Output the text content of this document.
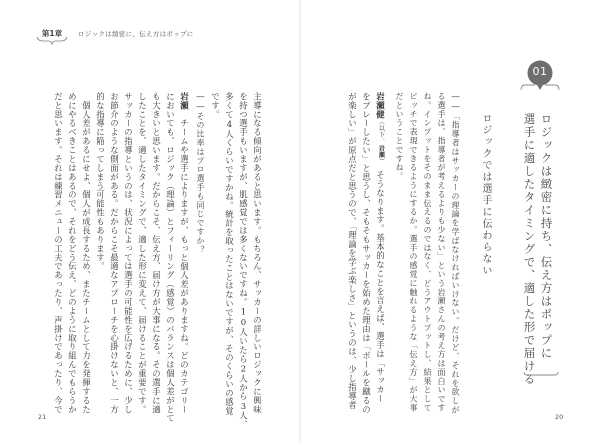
第1章	ロジックは緻密に、伝え方はポップに
01
ロジックは緻密に持ち、伝え方はポップに
選手に適したタイミングで、適した形で届ける
ロジックでは選手に伝わらない
――「指導者はサッカーの理論を学ばなければいけない。だけど、それを欲しが
る選手は、指導者が考えるよりも少ない」という岩瀬さんの考え方は面白いです
ね。インプットをそのまま伝えるのではなく、どうアウトプットし、結果として
ピッチで表現できるようにするか。選手の感覚に触れるような「伝え方」が大事
だということですね。
岩瀬健（以下、岩瀬）　そうなります。基本的なことを言えば、選手は「サッカー
をプレーしたい」と思うし、そもそもサッカーを始めた理由は「ボールを蹴るの
が楽しい」が原点だと思うので、「理論を学ぶ楽しさ」というのは、少し指導者
20
主導になる傾向があると思います。もちろん、サッカーの詳しいロジックに興味
を持つ選手もいますが、肌感覚では多くないですね。10人いたら2人から3人、
多くて4人くらいですかね。統計を取ったことはないですが、そのくらいの感覚
です。
――その比率はプロ選手も同じですか？
岩瀬　チームや選手によりますが、もっと個人差がありますね。どのカテゴリー
においても、ロジック（理論）とフィーリング（感覚）のバランスは個人差がとて
も大きいと思います。だからこそ、伝え方、届け方が大事になる。その選手に適
したことを、適したタイミングで、適した形に変えて、届けることが重要です。
サッカーの指導というのは、状況によっては選手の可能性を広げるために、少し
お節介のような側面がある。だからこそ最適なアプローチを心掛けないと、一方
的な指導に陥ってしまう可能性もあります。
　個人差があるにせよ、個人が成長するため、またチームとして力を発揮するた
めにやるべきことはあるので、それをどう伝え、どのように取り組んでもらうか
だと思います。それは練習メニューの工夫であったり、声掛けであったり、今で
21
